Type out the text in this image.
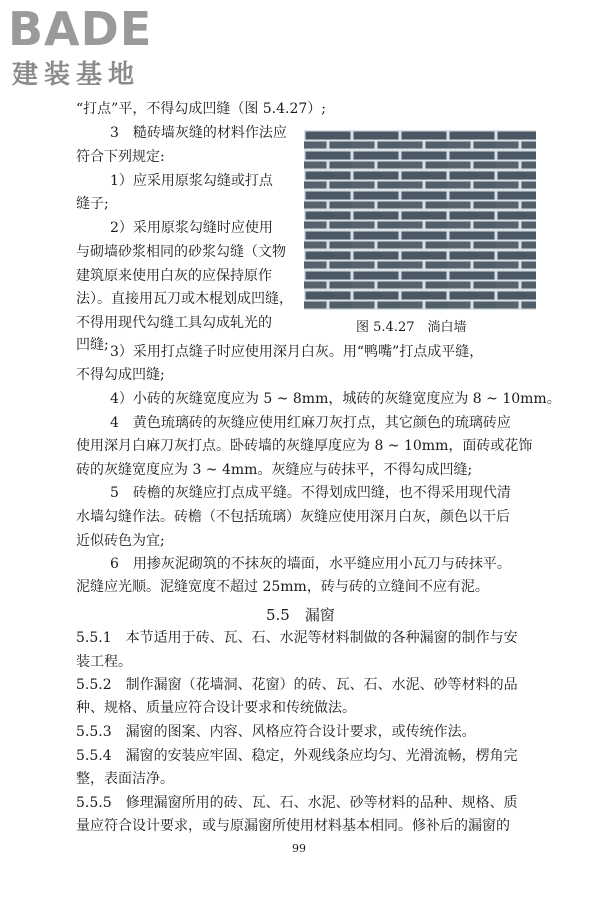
BADE
建装基地
“打点”平，不得勾成凹缝（图 5.4.27）;
3　糙砖墙灰缝的材料作法应
符合下列规定:
1）应采用原浆勾缝或打点
缝子;
2）采用原浆勾缝时应使用
与砌墙砂浆相同的砂浆勾缝（文物
建筑原来使用白灰的应保持原作
法）。直接用瓦刀或木棍划成凹缝，
不得用现代勾缝工具勾成轧光的
凹缝;
图 5.4.27　淌白墙
3）采用打点缝子时应使用深月白灰。用“鸭嘴”打点成平缝，
不得勾成凹缝;
4）小砖的灰缝宽度应为 5 ~ 8mm，城砖的灰缝宽度应为 8 ~ 10mm。
4　黄色琉璃砖的灰缝应使用红麻刀灰打点，其它颜色的琉璃砖应
使用深月白麻刀灰打点。卧砖墙的灰缝厚度应为 8 ~ 10mm，面砖或花饰
砖的灰缝宽度应为 3 ~ 4mm。灰缝应与砖抹平，不得勾成凹缝;
5　砖檐的灰缝应打点成平缝。不得划成凹缝，也不得采用现代清
水墙勾缝作法。砖檐（不包括琉璃）灰缝应使用深月白灰，颜色以干后
近似砖色为宜;
6　用掺灰泥砌筑的不抹灰的墙面，水平缝应用小瓦刀与砖抹平。
泥缝应光顺。泥缝宽度不超过 25mm，砖与砖的立缝间不应有泥。
5.5　漏窗
5.5.1　本节适用于砖、瓦、石、水泥等材料制做的各种漏窗的制作与安
装工程。
5.5.2　制作漏窗（花墙洞、花窗）的砖、瓦、石、水泥、砂等材料的品
种、规格、质量应符合设计要求和传统做法。
5.5.3　漏窗的图案、内容、风格应符合设计要求，或传统作法。
5.5.4　漏窗的安装应牢固、稳定，外观线条应均匀、光滑流畅，楞角完
整，表面洁净。
5.5.5　修理漏窗所用的砖、瓦、石、水泥、砂等材料的品种、规格、质
量应符合设计要求，或与原漏窗所使用材料基本相同。修补后的漏窗的
99
